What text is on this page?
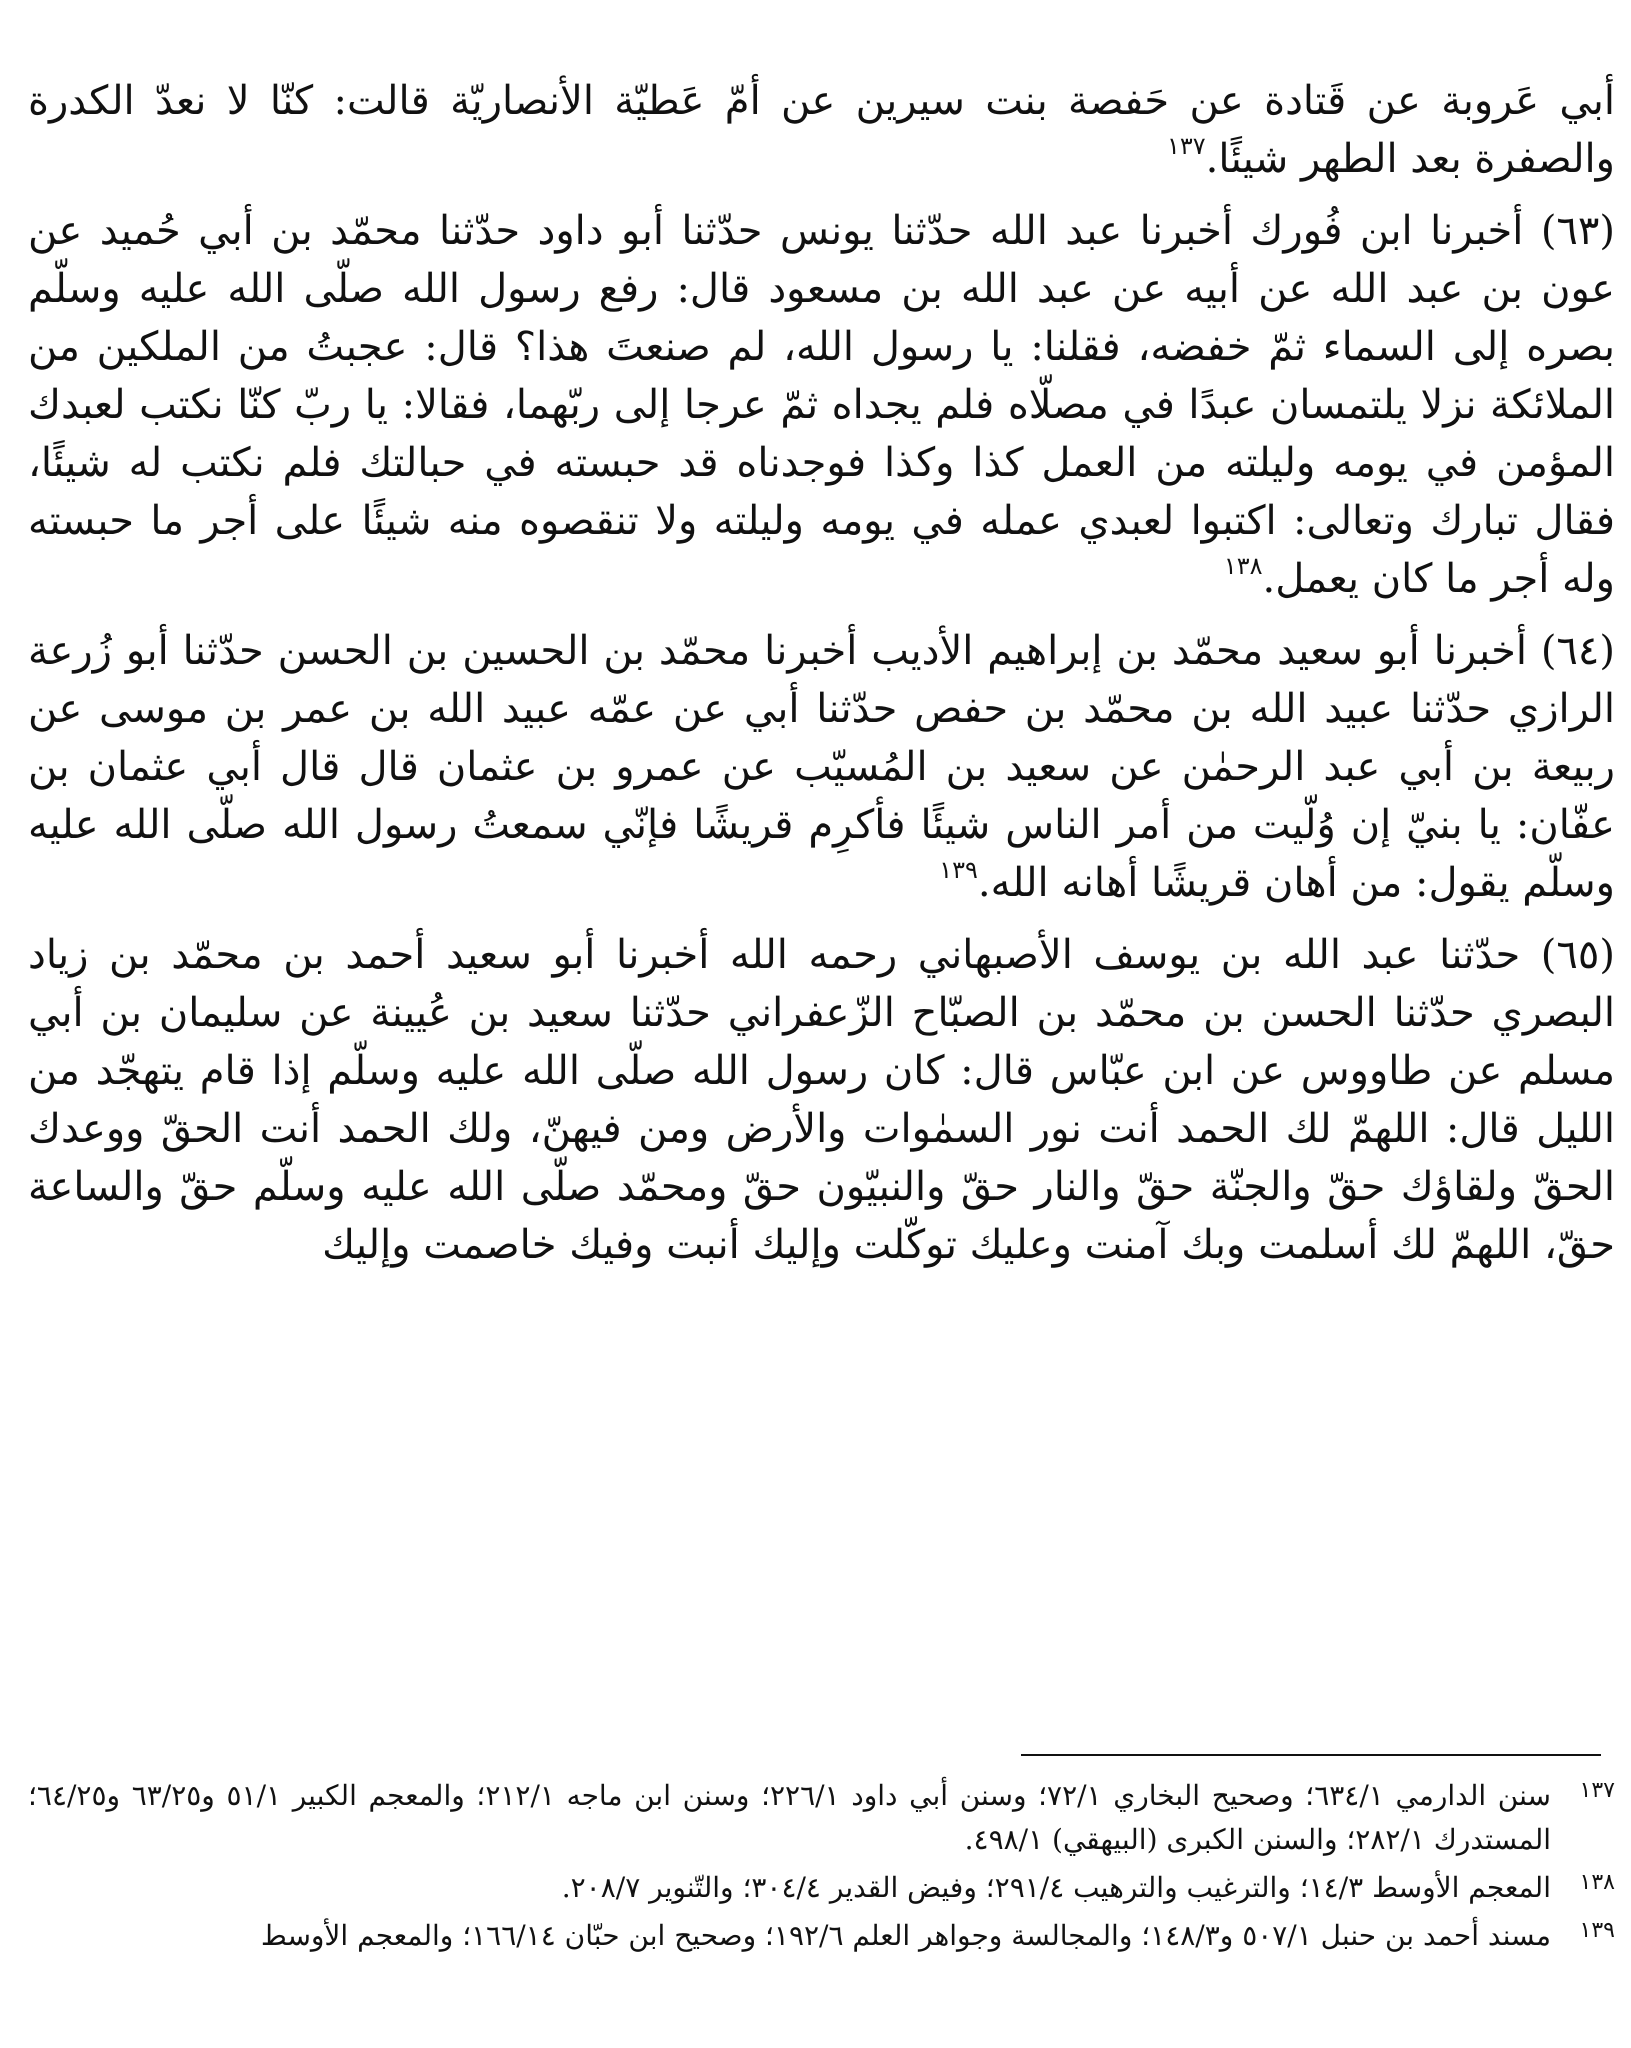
أبي عَروبة عن قَتادة عن حَفصة بنت سيرين عن أمّ عَطيّة الأنصاريّة قالت: كنّا لا نعدّ الكدرة والصفرة بعد الطهر شيئًا.$^{١٣٧}$

(٦٣) أخبرنا ابن فُورك أخبرنا عبد الله حدّثنا يونس حدّثنا أبو داود حدّثنا محمّد بن أبي حُميد عن عون بن عبد الله عن أبيه عن عبد الله بن مسعود قال: رفع رسول الله صلّى الله عليه وسلّم بصره إلى السماء ثمّ خفضه، فقلنا: يا رسول الله، لم صنعتَ هذا؟ قال: عجبتُ من الملكين من الملائكة نزلا يلتمسان عبدًا في مصلّاه فلم يجداه ثمّ عرجا إلى ربّهما، فقالا: يا ربّ كنّا نكتب لعبدك المؤمن في يومه وليلته من العمل كذا وكذا فوجدناه قد حبسته في حبالتك فلم نكتب له شيئًا، فقال تبارك وتعالى: اكتبوا لعبدي عمله في يومه وليلته ولا تنقصوه منه شيئًا على أجر ما حبسته وله أجر ما كان يعمل.$^{١٣٨}$

(٦٤) أخبرنا أبو سعيد محمّد بن إبراهيم الأديب أخبرنا محمّد بن الحسين بن الحسن حدّثنا أبو زُرعة الرازي حدّثنا عبيد الله بن محمّد بن حفص حدّثنا أبي عن عمّه عبيد الله بن عمر بن موسى عن ربيعة بن أبي عبد الرحمٰن عن سعيد بن المُسيّب عن عمرو بن عثمان قال قال أبي عثمان بن عفّان: يا بنيّ إن وُلّيت من أمر الناس شيئًا فأكرِم قريشًا فإنّي سمعتُ رسول الله صلّى الله عليه وسلّم يقول: من أهان قريشًا أهانه الله.$^{١٣٩}$

(٦٥) حدّثنا عبد الله بن يوسف الأصبهاني رحمه الله أخبرنا أبو سعيد أحمد بن محمّد بن زياد البصري حدّثنا الحسن بن محمّد بن الصبّاح الزّعفراني حدّثنا سعيد بن عُيينة عن سليمان بن أبي مسلم عن طاووس عن ابن عبّاس قال: كان رسول الله صلّى الله عليه وسلّم إذا قام يتهجّد من الليل قال: اللهمّ لك الحمد أنت نور السمٰوات والأرض ومن فيهنّ، ولك الحمد أنت الحقّ ووعدك الحقّ ولقاؤك حقّ والجنّة حقّ والنار حقّ والنبيّون حقّ ومحمّد صلّى الله عليه وسلّم حقّ والساعة حقّ، اللهمّ لك أسلمت وبك آمنت وعليك توكّلت وإليك أنبت وفيك خاصمت وإليك

١٣٧
سنن الدارمي ٦٣٤/١؛ وصحيح البخاري ٧٢/١؛ وسنن أبي داود ٢٢٦/١؛ وسنن ابن ماجه ٢١٢/١؛ والمعجم الكبير ٥١/١ و٦٣/٢٥ و٦٤/٢٥؛ المستدرك ٢٨٢/١؛ والسنن الكبرى (البيهقي) ٤٩٨/١.
١٣٨
المعجم الأوسط ١٤/٣؛ والترغيب والترهيب ٢٩١/٤؛ وفيض القدير ٣٠٤/٤؛ والتّنوير ٢٠٨/٧.
١٣٩
مسند أحمد بن حنبل ٥٠٧/١ و١٤٨/٣؛ والمجالسة وجواهر العلم ١٩٢/٦؛ وصحيح ابن حبّان ١٦٦/١٤؛ والمعجم الأوسط
